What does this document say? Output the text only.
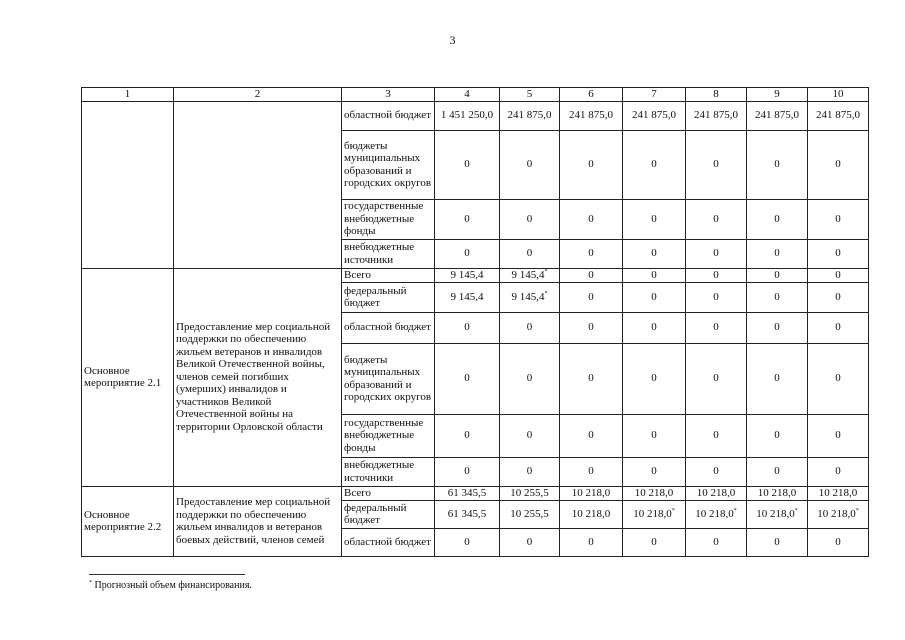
3
1	2	3	4	5	6	7	8	9	10
		областной бюджет	1 451 250,0	241 875,0	241 875,0	241 875,0	241 875,0	241 875,0	241 875,0
		бюджеты муниципальных образований и городских округов	0	0	0	0	0	0	0
		государственные внебюджетные фонды	0	0	0	0	0	0	0
		внебюджетные источники	0	0	0	0	0	0	0
Основное мероприятие 2.1	Предоставление мер социальной поддержки по обеспечению жильем ветеранов и инвалидов Великой Отечественной войны, членов семей погибших (умерших) инвалидов и участников Великой Отечественной войны на территории Орловской области	Всего	9 145,4	9 145,4*	0	0	0	0	0
		федеральный бюджет	9 145,4	9 145,4*	0	0	0	0	0
		областной бюджет	0	0	0	0	0	0	0
		бюджеты муниципальных образований и городских округов	0	0	0	0	0	0	0
		государственные внебюджетные фонды	0	0	0	0	0	0	0
		внебюджетные источники	0	0	0	0	0	0	0
Основное мероприятие 2.2	Предоставление мер социальной поддержки по обеспечению жильем инвалидов и ветеранов боевых действий, членов семей	Всего	61 345,5	10 255,5	10 218,0	10 218,0	10 218,0	10 218,0	10 218,0
		федеральный бюджет	61 345,5	10 255,5	10 218,0	10 218,0*	10 218,0*	10 218,0*	10 218,0*
		областной бюджет	0	0	0	0	0	0	0
* Прогнозный объем финансирования.
